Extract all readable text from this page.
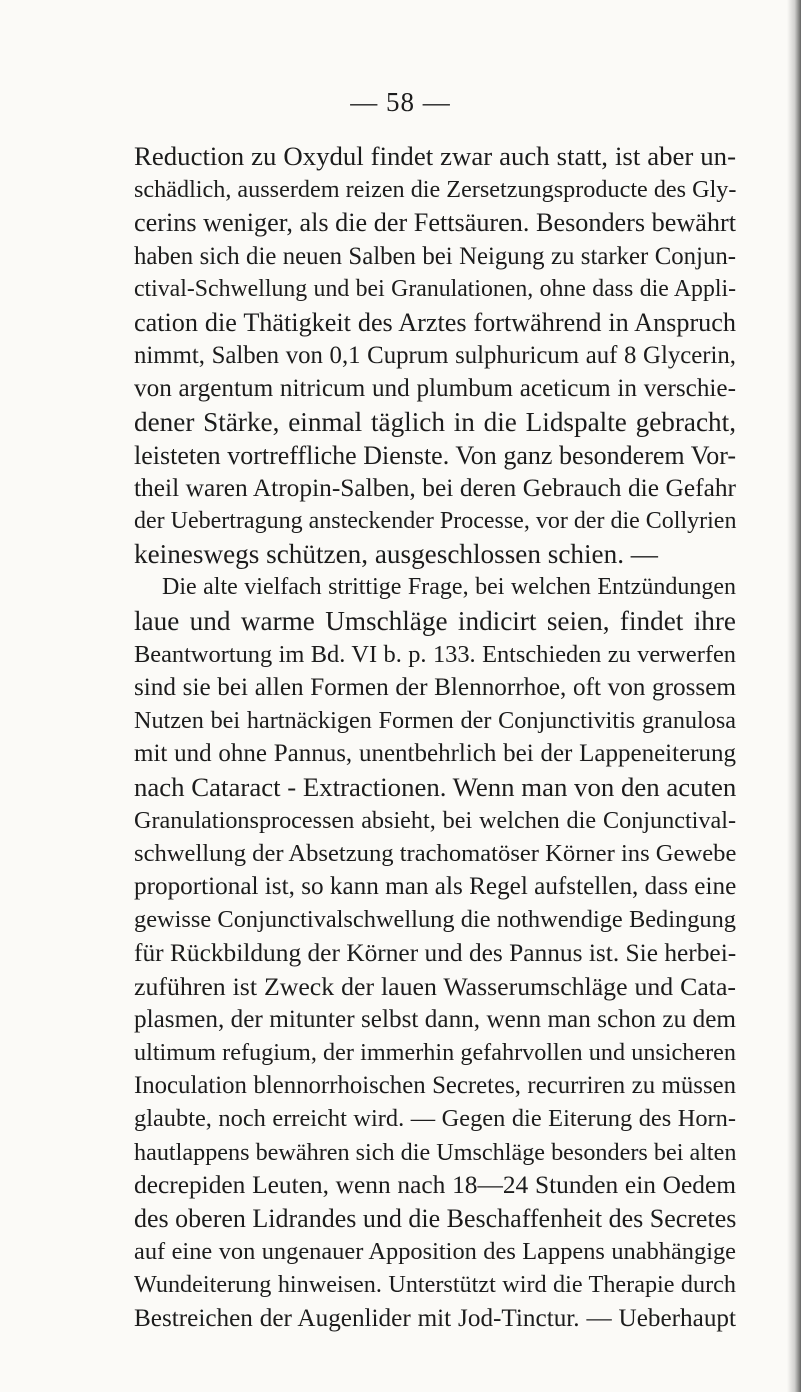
— 58 —
Reduction zu Oxydul findet zwar auch statt, ist aber un-
schädlich, ausserdem reizen die Zersetzungsproducte des Gly-
cerins weniger, als die der Fettsäuren. Besonders bewährt
haben sich die neuen Salben bei Neigung zu starker Conjun-
ctival-Schwellung und bei Granulationen, ohne dass die Appli-
cation die Thätigkeit des Arztes fortwährend in Anspruch
nimmt, Salben von 0,1 Cuprum sulphuricum auf 8 Glycerin,
von argentum nitricum und plumbum aceticum in verschie-
dener Stärke, einmal täglich in die Lidspalte gebracht,
leisteten vortreffliche Dienste. Von ganz besonderem Vor-
theil waren Atropin-Salben, bei deren Gebrauch die Gefahr
der Uebertragung ansteckender Processe, vor der die Collyrien
keineswegs schützen, ausgeschlossen schien. —
Die alte vielfach strittige Frage, bei welchen Entzündungen
laue und warme Umschläge indicirt seien, findet ihre
Beantwortung im Bd. VI b. p. 133. Entschieden zu verwerfen
sind sie bei allen Formen der Blennorrhoe, oft von grossem
Nutzen bei hartnäckigen Formen der Conjunctivitis granulosa
mit und ohne Pannus, unentbehrlich bei der Lappeneiterung
nach Cataract - Extractionen. Wenn man von den acuten
Granulationsprocessen absieht, bei welchen die Conjunctival-
schwellung der Absetzung trachomatöser Körner ins Gewebe
proportional ist, so kann man als Regel aufstellen, dass eine
gewisse Conjunctivalschwellung die nothwendige Bedingung
für Rückbildung der Körner und des Pannus ist. Sie herbei-
zuführen ist Zweck der lauen Wasserumschläge und Cata-
plasmen, der mitunter selbst dann, wenn man schon zu dem
ultimum refugium, der immerhin gefahrvollen und unsicheren
Inoculation blennorrhoischen Secretes, recurriren zu müssen
glaubte, noch erreicht wird. — Gegen die Eiterung des Horn-
hautlappens bewähren sich die Umschläge besonders bei alten
decrepiden Leuten, wenn nach 18—24 Stunden ein Oedem
des oberen Lidrandes und die Beschaffenheit des Secretes
auf eine von ungenauer Apposition des Lappens unabhängige
Wundeiterung hinweisen. Unterstützt wird die Therapie durch
Bestreichen der Augenlider mit Jod-Tinctur. — Ueberhaupt
